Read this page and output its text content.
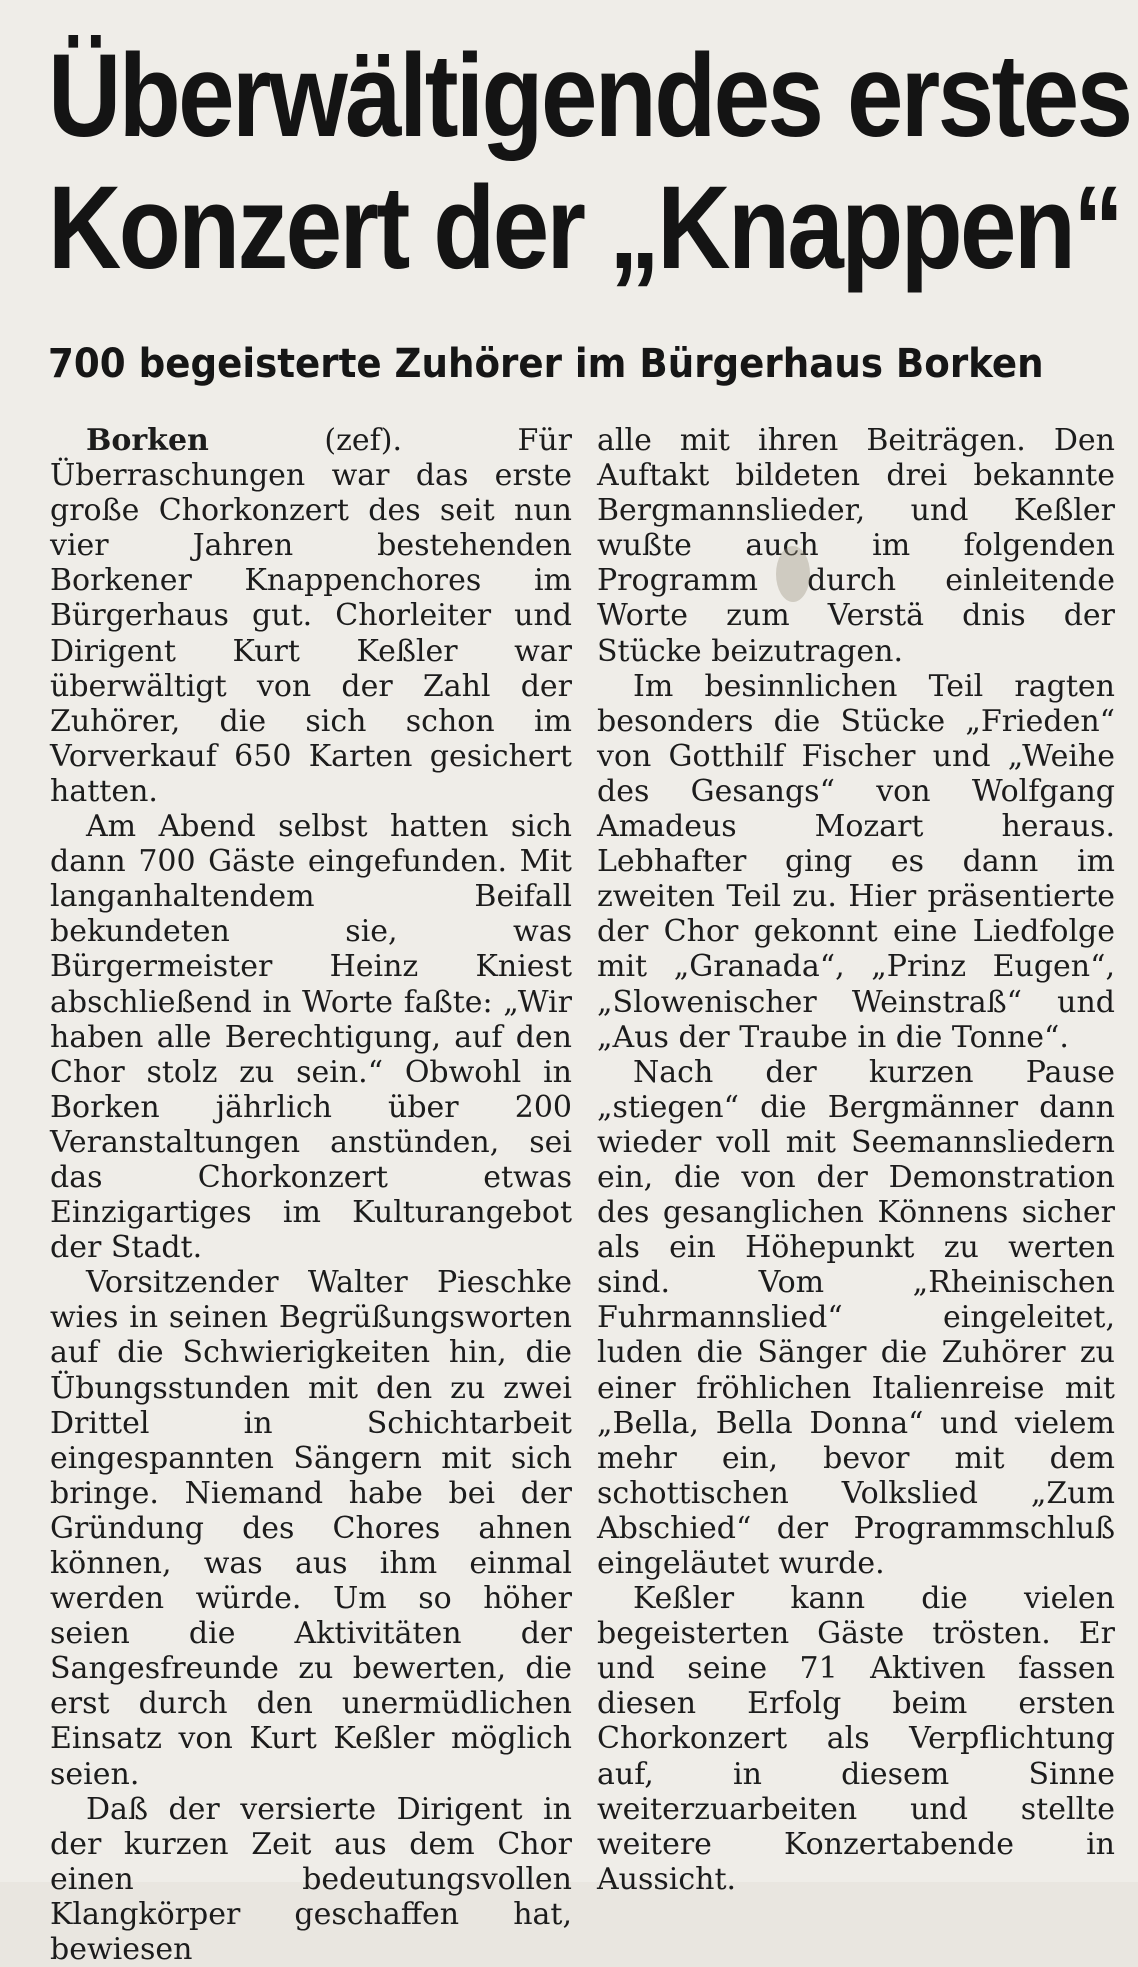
Überwältigendes erstes
Konzert der „Knappen“
700 begeisterte Zuhörer im Bürgerhaus Borken

Borken	(zef). Für Überraschungen war das erste große Chorkonzert des seit nun vier Jahren bestehenden Borkener Knappenchores im Bürgerhaus gut. Chorleiter und Dirigent Kurt Keßler war überwältigt von der Zahl der Zuhörer, die sich schon im Vorverkauf 650 Karten gesichert hatten.

Am Abend selbst hatten sich dann 700 Gäste eingefunden. Mit langanhaltendem Beifall bekundeten sie, was Bürgermeister Heinz Kniest abschließend in Worte faßte: „Wir haben alle Berechtigung, auf den Chor stolz zu sein.“ Obwohl in Borken jährlich über 200 Veranstaltungen anstünden, sei das Chorkonzert etwas Einzigartiges im Kulturangebot der Stadt.

Vorsitzender Walter Pieschke wies in seinen Begrüßungsworten auf die Schwierigkeiten hin, die Übungsstunden mit den zu zwei Drittel in Schichtarbeit eingespannten Sängern mit sich bringe. Niemand habe bei der Gründung des Chores ahnen können, was aus ihm einmal werden würde. Um so höher seien die Aktivitäten der Sangesfreunde zu bewerten, die erst durch den unermüdlichen Einsatz von Kurt Keßler möglich seien.

Daß der versierte Dirigent in der kurzen Zeit aus dem Chor einen bedeutungsvollen Klangkörper geschaffen hat, bewiesen

alle mit ihren Beiträgen. Den Auftakt bildeten drei bekannte Bergmannslieder, und Keßler wußte auch im folgenden Programm durch einleitende Worte zum Verstä dnis der Stücke beizutragen.

Im besinnlichen Teil ragten besonders die Stücke „Frieden“ von Gotthilf Fischer und „Weihe des Gesangs“ von Wolfgang Amadeus Mozart heraus. Lebhafter ging es dann im zweiten Teil zu. Hier präsentierte der Chor gekonnt eine Liedfolge mit „Granada“, „Prinz Eugen“, „Slowenischer Weinstraß“ und „Aus der Traube in die Tonne“.

Nach der kurzen Pause „stiegen“ die Bergmänner dann wieder voll mit Seemannsliedern ein, die von der Demonstration des gesanglichen Könnens sicher als ein Höhepunkt zu werten sind. Vom „Rheinischen Fuhrmannslied“ eingeleitet, luden die Sänger die Zuhörer zu einer fröhlichen Italienreise mit „Bella, Bella Donna“ und vielem mehr ein, bevor mit dem schottischen Volkslied „Zum Abschied“ der Programmschluß eingeläutet wurde.

Keßler kann die vielen begeisterten Gäste trösten. Er und seine 71 Aktiven fassen diesen Erfolg beim ersten Chorkonzert als Verpflichtung auf, in diesem Sinne weiterzuarbeiten und stellte weitere Konzertabende in Aussicht.
